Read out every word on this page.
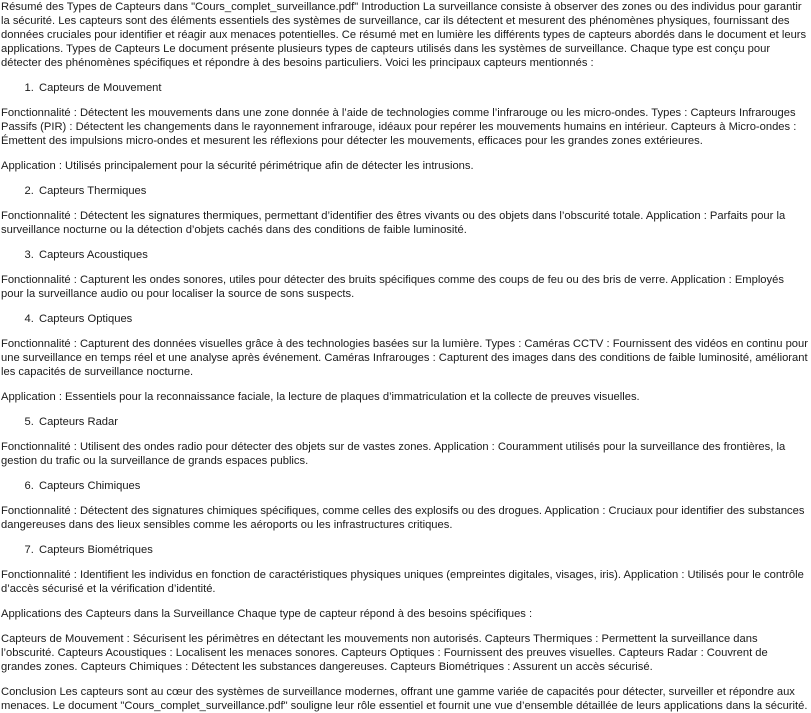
Résumé des Types de Capteurs dans "Cours_complet_surveillance.pdf" Introduction La surveillance consiste à observer des zones ou des individus pour garantir la sécurité. Les capteurs sont des éléments essentiels des systèmes de surveillance, car ils détectent et mesurent des phénomènes physiques, fournissant des données cruciales pour identifier et réagir aux menaces potentielles. Ce résumé met en lumière les différents types de capteurs abordés dans le document et leurs applications. Types de Capteurs Le document présente plusieurs types de capteurs utilisés dans les systèmes de surveillance. Chaque type est conçu pour détecter des phénomènes spécifiques et répondre à des besoins particuliers. Voici les principaux capteurs mentionnés :

1. Capteurs de Mouvement

Fonctionnalité : Détectent les mouvements dans une zone donnée à l’aide de technologies comme l’infrarouge ou les micro-ondes. Types : Capteurs Infrarouges Passifs (PIR) : Détectent les changements dans le rayonnement infrarouge, idéaux pour repérer les mouvements humains en intérieur. Capteurs à Micro-ondes : Émettent des impulsions micro-ondes et mesurent les réflexions pour détecter les mouvements, efficaces pour les grandes zones extérieures.

Application : Utilisés principalement pour la sécurité périmétrique afin de détecter les intrusions.

2. Capteurs Thermiques

Fonctionnalité : Détectent les signatures thermiques, permettant d’identifier des êtres vivants ou des objets dans l’obscurité totale. Application : Parfaits pour la surveillance nocturne ou la détection d’objets cachés dans des conditions de faible luminosité.

3. Capteurs Acoustiques

Fonctionnalité : Capturent les ondes sonores, utiles pour détecter des bruits spécifiques comme des coups de feu ou des bris de verre. Application : Employés pour la surveillance audio ou pour localiser la source de sons suspects.

4. Capteurs Optiques

Fonctionnalité : Capturent des données visuelles grâce à des technologies basées sur la lumière. Types : Caméras CCTV : Fournissent des vidéos en continu pour une surveillance en temps réel et une analyse après événement. Caméras Infrarouges : Capturent des images dans des conditions de faible luminosité, améliorant les capacités de surveillance nocturne.

Application : Essentiels pour la reconnaissance faciale, la lecture de plaques d’immatriculation et la collecte de preuves visuelles.

5. Capteurs Radar

Fonctionnalité : Utilisent des ondes radio pour détecter des objets sur de vastes zones. Application : Couramment utilisés pour la surveillance des frontières, la gestion du trafic ou la surveillance de grands espaces publics.

6. Capteurs Chimiques

Fonctionnalité : Détectent des signatures chimiques spécifiques, comme celles des explosifs ou des drogues. Application : Cruciaux pour identifier des substances dangereuses dans des lieux sensibles comme les aéroports ou les infrastructures critiques.

7. Capteurs Biométriques

Fonctionnalité : Identifient les individus en fonction de caractéristiques physiques uniques (empreintes digitales, visages, iris). Application : Utilisés pour le contrôle d’accès sécurisé et la vérification d’identité.

Applications des Capteurs dans la Surveillance Chaque type de capteur répond à des besoins spécifiques :

Capteurs de Mouvement : Sécurisent les périmètres en détectant les mouvements non autorisés. Capteurs Thermiques : Permettent la surveillance dans l’obscurité. Capteurs Acoustiques : Localisent les menaces sonores. Capteurs Optiques : Fournissent des preuves visuelles. Capteurs Radar : Couvrent de grandes zones. Capteurs Chimiques : Détectent les substances dangereuses. Capteurs Biométriques : Assurent un accès sécurisé.

Conclusion Les capteurs sont au cœur des systèmes de surveillance modernes, offrant une gamme variée de capacités pour détecter, surveiller et répondre aux menaces. Le document "Cours_complet_surveillance.pdf" souligne leur rôle essentiel et fournit une vue d’ensemble détaillée de leurs applications dans la sécurité.
